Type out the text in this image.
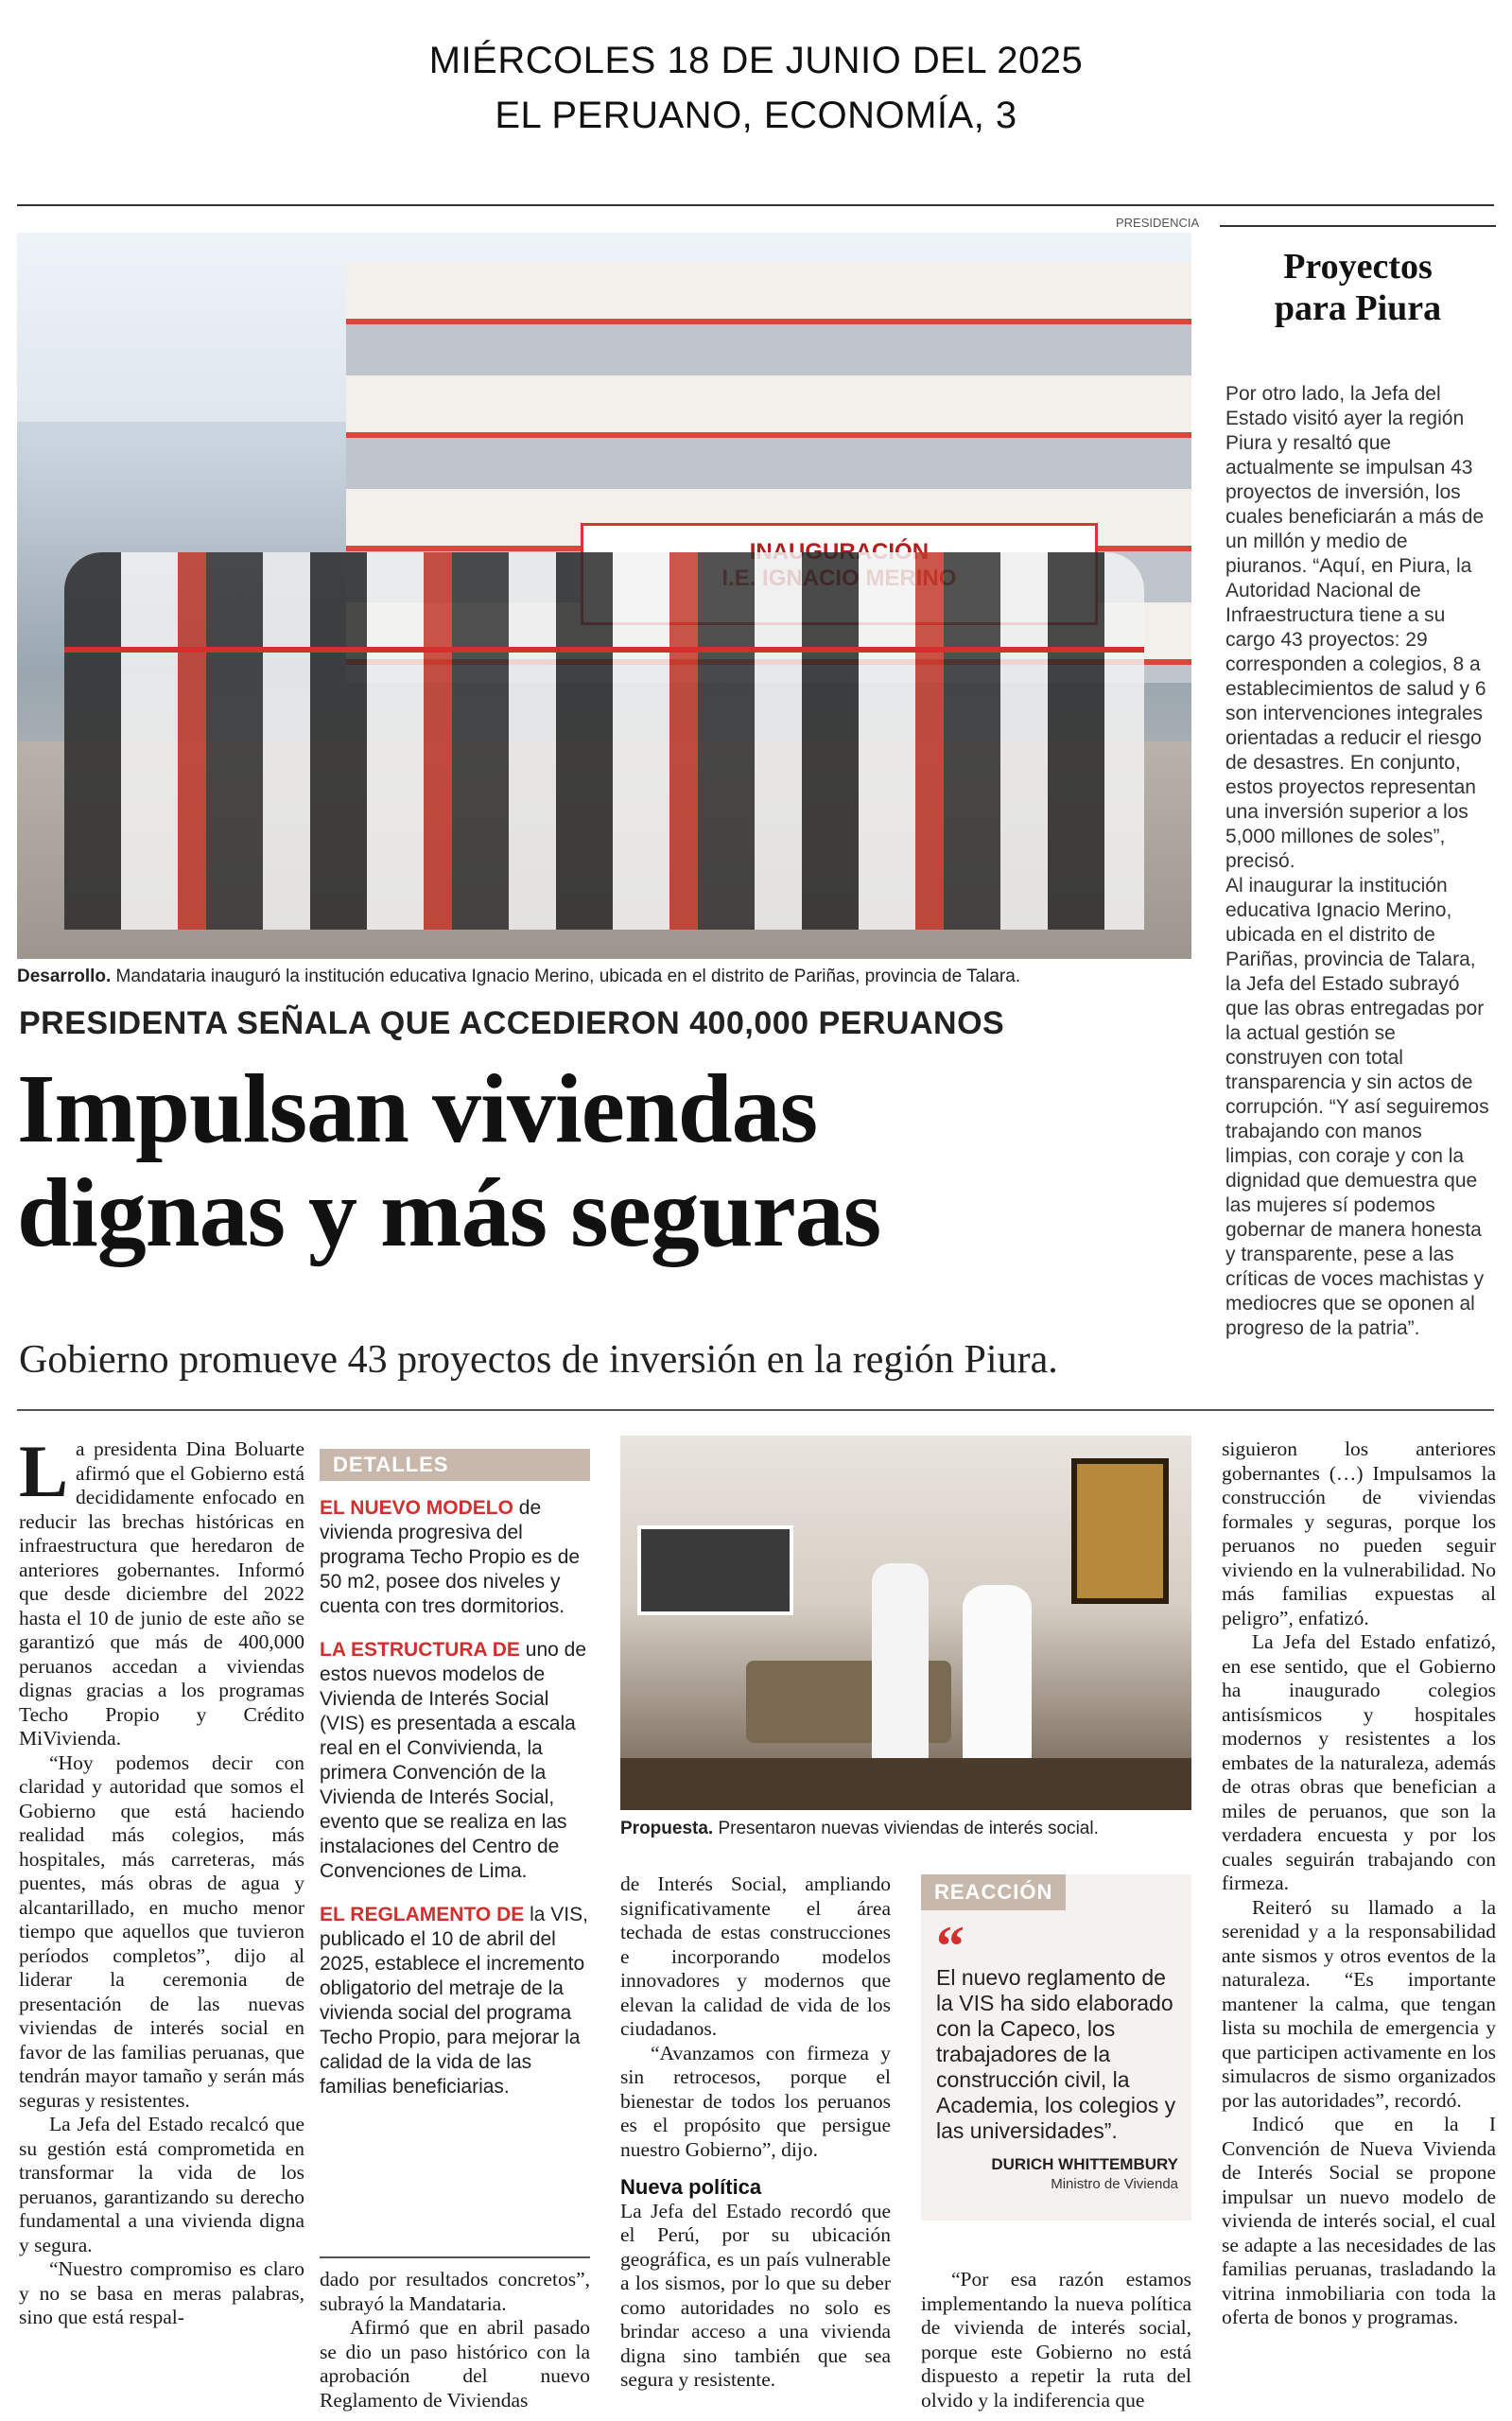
MIÉRCOLES 18 DE JUNIO DEL 2025
EL PERUANO, ECONOMÍA, 3
PRESIDENCIA
Desarrollo. Mandataria inauguró la institución educativa Ignacio Merino, ubicada en el distrito de Pariñas, provincia de Talara.
Proyectos
para Piura
Por otro lado, la Jefa del Estado visitó ayer la región Piura y resaltó que actualmente se impulsan 43 proyectos de inversión, los cuales beneficiarán a más de un millón y medio de piuranos. “Aquí, en Piura, la Autoridad Nacional de Infraestructura tiene a su cargo 43 proyectos: 29 corresponden a colegios, 8 a establecimientos de salud y 6 son intervenciones integrales orientadas a reducir el riesgo de desastres. En conjunto, estos proyectos representan una inversión superior a los 5,000 millones de soles”, precisó.
Al inaugurar la institución educativa Ignacio Merino, ubicada en el distrito de Pariñas, provincia de Talara, la Jefa del Estado subrayó que las obras entregadas por la actual gestión se construyen con total transparencia y sin actos de corrupción. “Y así seguiremos trabajando con manos limpias, con coraje y con la dignidad que demuestra que las mujeres sí podemos gobernar de manera honesta y transparente, pese a las críticas de voces machistas y mediocres que se oponen al progreso de la patria”.
PRESIDENTA SEÑALA QUE ACCEDIERON 400,000 PERUANOS
Impulsan viviendas
dignas y más seguras
Gobierno promueve 43 proyectos de inversión en la región Piura.

La presidenta Dina Boluarte afirmó que el Gobierno está decididamente enfocado en reducir las brechas históricas en infraestructura que heredaron de anteriores gobernantes. Informó que desde diciembre del 2022 hasta el 10 de junio de este año se garantizó que más de 400,000 peruanos accedan a viviendas dignas gracias a los programas Techo Propio y Crédito MiVivienda.

“Hoy podemos decir con claridad y autoridad que somos el Gobierno que está haciendo realidad más colegios, más hospitales, más carreteras, más puentes, más obras de agua y alcantarillado, en mucho menor tiempo que aquellos que tuvieron períodos completos”, dijo al liderar la ceremonia de presentación de las nuevas viviendas de interés social en favor de las familias peruanas, que tendrán mayor tamaño y serán más seguras y resistentes.

La Jefa del Estado recalcó que su gestión está comprometida en transformar la vida de los peruanos, garantizando su derecho fundamental a una vivienda digna y segura.

“Nuestro compromiso es claro y no se basa en meras palabras, sino que está respal-

DETALLES

EL NUEVO MODELO de vivienda progresiva del programa Techo Propio es de 50 m2, posee dos niveles y cuenta con tres dormitorios.

LA ESTRUCTURA DE uno de estos nuevos modelos de Vivienda de Interés Social (VIS) es presentada a escala real en el Convivienda, la primera Convención de la Vivienda de Interés Social, evento que se realiza en las instalaciones del Centro de Convenciones de Lima.

EL REGLAMENTO DE la VIS, publicado el 10 de abril del 2025, establece el incremento obligatorio del metraje de la vivienda social del programa Techo Propio, para mejorar la calidad de la vida de las familias beneficiarias.

dado por resultados concretos”, subrayó la Mandataria.

Afirmó que en abril pasado se dio un paso histórico con la aprobación del nuevo Reglamento de Viviendas

Propuesta. Presentaron nuevas viviendas de interés social.

de Interés Social, ampliando significativamente el área techada de estas construcciones e incorporando modelos innovadores y modernos que elevan la calidad de vida de los ciudadanos.

“Avanzamos con firmeza y sin retrocesos, porque el bienestar de todos los peruanos es el propósito que persigue nuestro Gobierno”, dijo.

Nueva política

La Jefa del Estado recordó que el Perú, por su ubicación geográfica, es un país vulnerable a los sismos, por lo que su deber como autoridades no solo es brindar acceso a una vivienda digna sino también que sea segura y resistente.

REACCIÓN
“
El nuevo reglamento de la VIS ha sido elaborado con la Capeco, los trabajadores de la construcción civil, la Academia, los colegios y las universidades”.
DURICH WHITTEMBURY
Ministro de Vivienda

“Por esa razón estamos implementando la nueva política de vivienda de interés social, porque este Gobierno no está dispuesto a repetir la ruta del olvido y la indiferencia que

siguieron los anteriores gobernantes (…) Impulsamos la construcción de viviendas formales y seguras, porque los peruanos no pueden seguir viviendo en la vulnerabilidad. No más familias expuestas al peligro”, enfatizó.

La Jefa del Estado enfatizó, en ese sentido, que el Gobierno ha inaugurado colegios antisísmicos y hospitales modernos y resistentes a los embates de la naturaleza, además de otras obras que benefician a miles de peruanos, que son la verdadera encuesta y por los cuales seguirán trabajando con firmeza.

Reiteró su llamado a la serenidad y a la responsabilidad ante sismos y otros eventos de la naturaleza. “Es importante mantener la calma, que tengan lista su mochila de emergencia y que participen activamente en los simulacros de sismo organizados por las autoridades”, recordó.

Indicó que en la I Convención de Nueva Vivienda de Interés Social se propone impulsar un nuevo modelo de vivienda de interés social, el cual se adapte a las necesidades de las familias peruanas, trasladando la vitrina inmobiliaria con toda la oferta de bonos y programas.
